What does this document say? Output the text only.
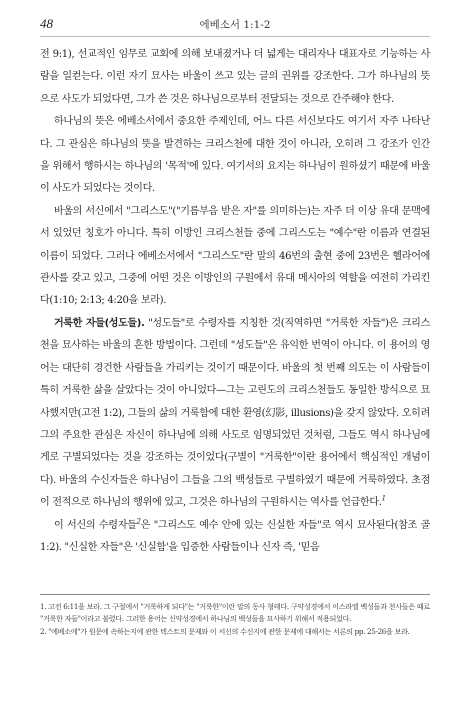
48	에베소서 1:1-2

전 9:1), 선교적인 임무로 교회에 의해 보내졌거나 더 넓게는 대리자나 대표자로 기능하는 사람을 일컫는다. 이런 자기 묘사는 바울이 쓰고 있는 글의 권위를 강조한다. 그가 하나님의 뜻으로 사도가 되었다면, 그가 쓴 것은 하나님으로부터 전달되는 것으로 간주해야 한다.

하나님의 뜻은 에베소서에서 중요한 주제인데, 어느 다른 서신보다도 여기서 자주 나타난다. 그 관심은 하나님의 뜻을 발견하는 크리스천에 대한 것이 아니라, 오히려 그 강조가 인간을 위해서 행하시는 하나님의 '목적'에 있다. 여기서의 요지는 하나님이 원하셨기 때문에 바울이 사도가 되었다는 것이다.

바울의 서신에서 "그리스도"("기름부음 받은 자"를 의미하는)는 자주 더 이상 유대 문맥에서 있었던 칭호가 아니다. 특히 이방인 크리스천들 중에 그리스도는 "예수"란 이름과 연결된 이름이 되었다. 그러나 에베소서에서 "그리스도"란 말의 46번의 출현 중에 23번은 헬라어에 관사를 갖고 있고, 그중에 어떤 것은 이방인의 구원에서 유대 메시아의 역할을 여전히 가리킨다(1:10; 2:13; 4:20을 보라).

거룩한 자들(성도들). "성도들"로 수령자를 지칭한 것(직역하면 "거룩한 자들")은 크리스천을 묘사하는 바울의 흔한 방법이다. 그런데 "성도들"은 유익한 번역이 아니다. 이 용어의 영어는 대단히 경건한 사람들을 가리키는 것이기 때문이다. 바울의 첫 번째 의도는 이 사람들이 특히 거룩한 삶을 살았다는 것이 아니었다—그는 고린도의 크리스천들도 동일한 방식으로 묘사했지만(고전 1:2), 그들의 삶의 거룩함에 대한 환영(幻影, illusions)을 갖지 않았다. 오히려 그의 주요한 관심은 자신이 하나님에 의해 사도로 임명되었던 것처럼, 그들도 역시 하나님에게로 구별되었다는 것을 강조하는 것이었다(구별이 "거룩한"이란 용어에서 핵심적인 개념이다). 바울의 수신자들은 하나님이 그들을 그의 백성들로 구별하였기 때문에 거룩하였다. 초점이 전적으로 하나님의 행위에 있고, 그것은 하나님의 구원하시는 역사를 언급한다.$^1$

이 서신의 수령자들$^2$은 "그리스도 예수 안에 있는 신실한 자들"로 역시 묘사된다(참조 골 1:2). "신실한 자들"은 '신실함'을 입증한 사람들이나 신자 즉, '믿음

1. 고전 6:11을 보라. 그 구절에서 "거룩하게 되다"는 "거룩한"이란 말의 동사 형태다. 구약성경에서 이스라엘 백성들과 천사들은 때로 "거룩한 자들"이라고 불렸다. 그러한 용어는 신약성경에서 하나님의 백성들을 묘사하기 위해서 적용되었다.

2. "에베소에"가 원문에 속하는지에 관한 텍스트의 문제와 이 서신의 수신지에 관한 문제에 대해서는 서론의 pp. 25-26을 보라.
